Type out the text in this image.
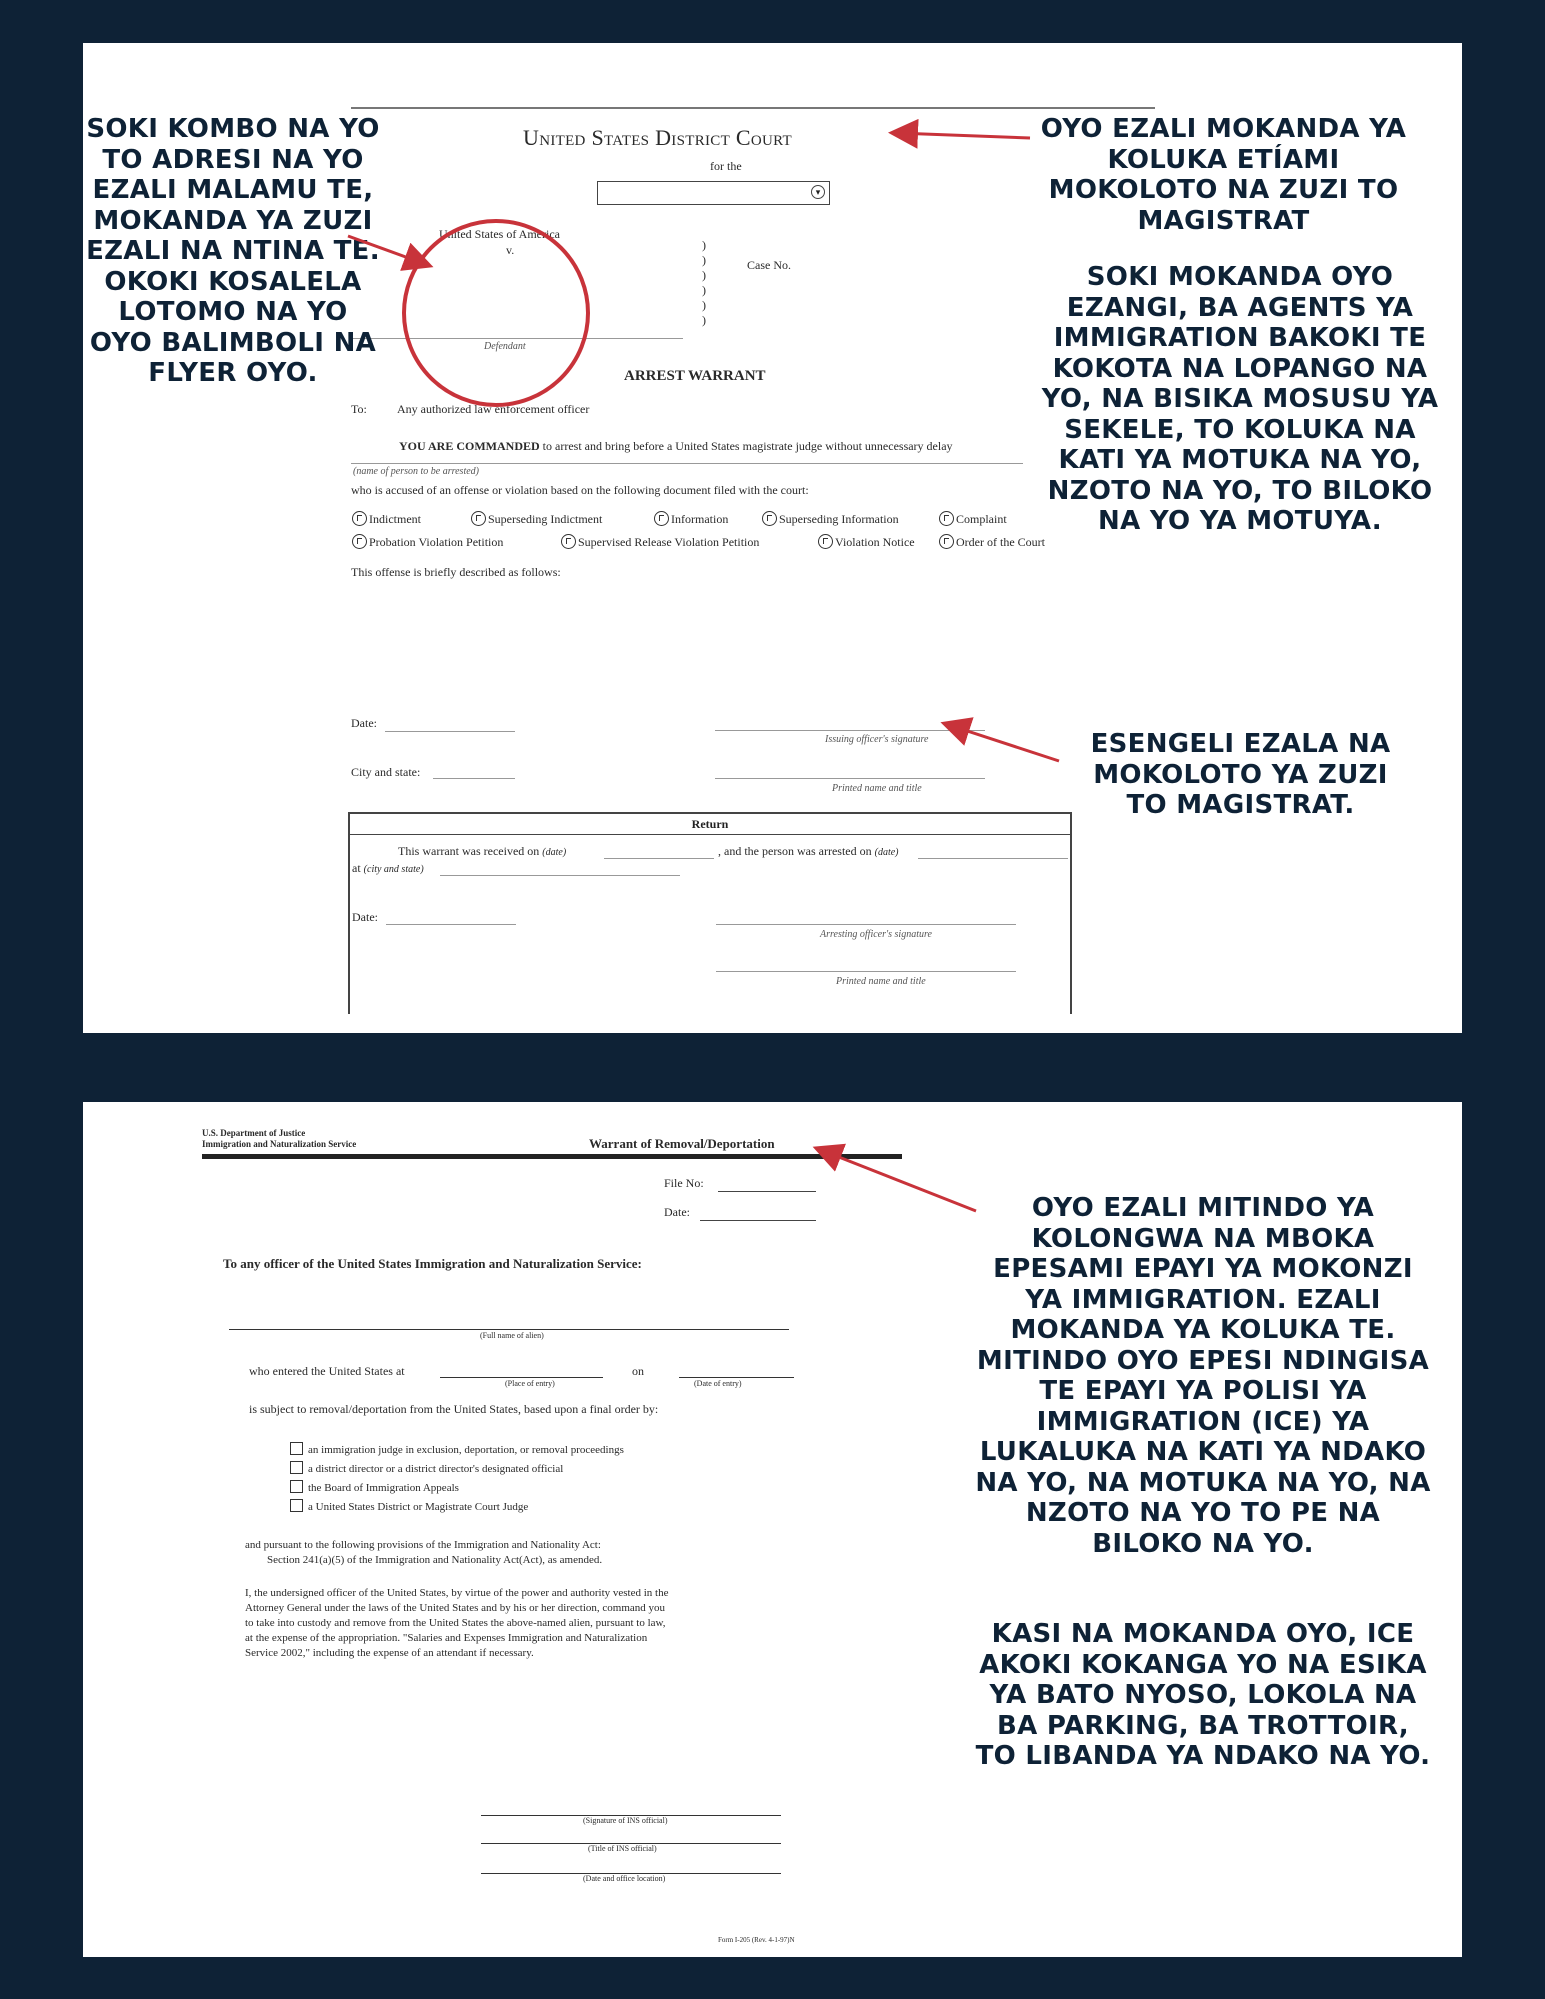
United States District Court
for the
▾
United States of America
v.
Defendant
)
)
)
)
)
)
Case No.
ARREST WARRANT
To:	Any authorized law enforcement officer
YOU ARE COMMANDED to arrest and bring before a United States magistrate judge without unnecessary delay
(name of person to be arrested)
who is accused of an offense or violation based on the following document filed with the court:
Indictment	Superseding Indictment	Information	Superseding Information	Complaint
Probation Violation Petition	Supervised Release Violation Petition	Violation Notice	Order of the Court
This offense is briefly described as follows:
Date:
Issuing officer's signature
City and state:
Printed name and title
Return
This warrant was received on (date)	, and the person was arrested on (date)
at (city and state)
Date:
Arresting officer's signature
Printed name and title
SOKI KOMBO NA YO TO ADRESI NA YO EZALI MALAMU TE, MOKANDA YA ZUZI EZALI NA NTINA TE. OKOKI KOSALELA LOTOMO NA YO OYO BALIMBOLI NA FLYER OYO.
OYO EZALI MOKANDA YA KOLUKA ETÍAMI MOKOLOTO NA ZUZI TO MAGISTRAT
SOKI MOKANDA OYO EZANGI, BA AGENTS YA IMMIGRATION BAKOKI TE KOKOTA NA LOPANGO NA YO, NA BISIKA MOSUSU YA SEKELE, TO KOLUKA NA KATI YA MOTUKA NA YO, NZOTO NA YO, TO BILOKO NA YO YA MOTUYA.
ESENGELI EZALA NA MOKOLOTO YA ZUZI TO MAGISTRAT.
U.S. Department of Justice
Immigration and Naturalization Service	Warrant of Removal/Deportation
File No:
Date:
To any officer of the United States Immigration and Naturalization Service:
(Full name of alien)
who entered the United States at
(Place of entry)
on
(Date of entry)
is subject to removal/deportation from the United States, based upon a final order by:
an immigration judge in exclusion, deportation, or removal proceedings
a district director or a district director's designated official
the Board of Immigration Appeals
a United States District or Magistrate Court Judge
and pursuant to the following provisions of the Immigration and Nationality Act:
Section 241(a)(5) of the Immigration and Nationality Act(Act), as amended.
I, the undersigned officer of the United States, by virtue of the power and authority vested in the
Attorney General under the laws of the United States and by his or her direction, command you
to take into custody and remove from the United States the above-named alien, pursuant to law,
at the expense of the appropriation. "Salaries and Expenses Immigration and Naturalization
Service 2002," including the expense of an attendant if necessary.
(Signature of INS official)
(Title of INS official)
(Date and office location)
Form I-205 (Rev. 4-1-97)N
OYO EZALI MITINDO YA KOLONGWA NA MBOKA EPESAMI EPAYI YA MOKONZI YA IMMIGRATION. EZALI MOKANDA YA KOLUKA TE. MITINDO OYO EPESI NDINGISA TE EPAYI YA POLISI YA IMMIGRATION (ICE) YA LUKALUKA NA KATI YA NDAKO NA YO, NA MOTUKA NA YO, NA NZOTO NA YO TO PE NA BILOKO NA YO.
KASI NA MOKANDA OYO, ICE AKOKI KOKANGA YO NA ESIKA YA BATO NYOSO, LOKOLA NA BA PARKING, BA TROTTOIR, TO LIBANDA YA NDAKO NA YO.
